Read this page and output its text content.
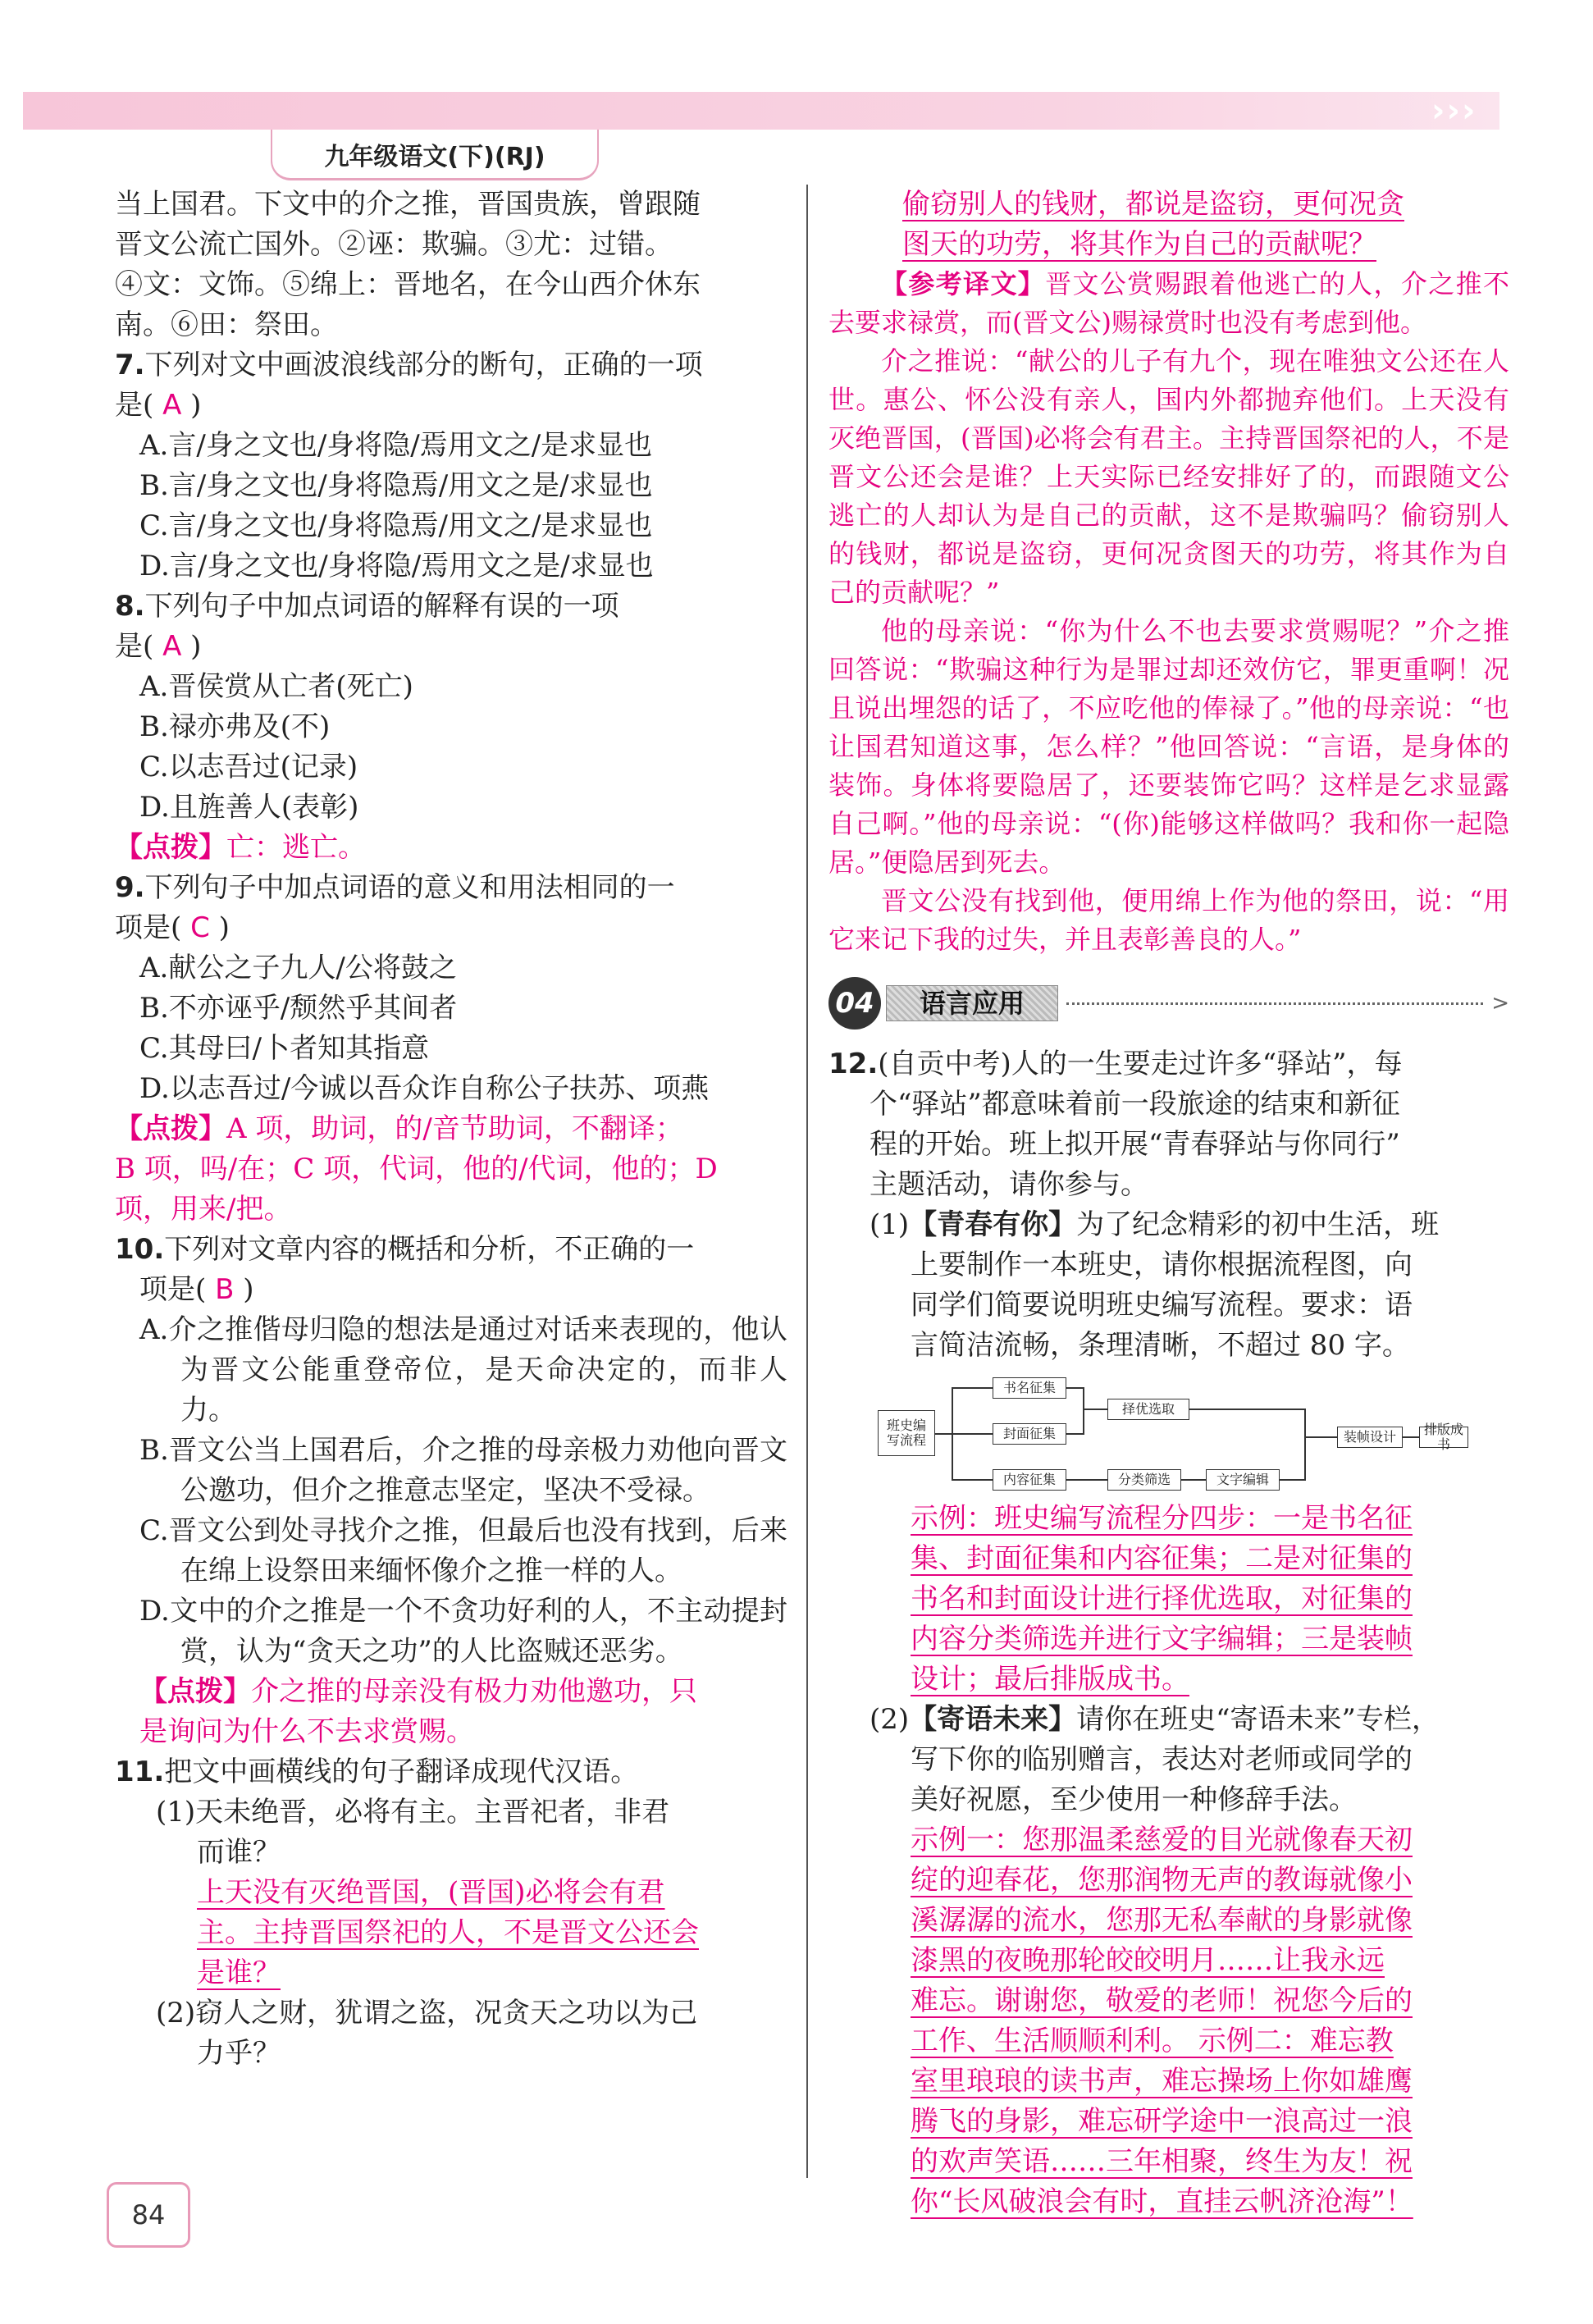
› › ›
九年级语文(下)(RJ)
当上国君。下文中的介之推，晋国贵族，曾跟随
晋文公流亡国外。②诬：欺骗。③尤：过错。
④文：文饰。⑤绵上：晋地名，在今山西介休东
南。⑥田：祭田。
7.下列对文中画波浪线部分的断句，正确的一项
是( A )
A.言/身之文也/身将隐/焉用文之/是求显也
B.言/身之文也/身将隐焉/用文之是/求显也
C.言/身之文也/身将隐焉/用文之/是求显也
D.言/身之文也/身将隐/焉用文之是/求显也
8.下列句子中加点词语的解释有误的一项
是( A )
A.晋侯赏从亡者(死亡)
B.禄亦弗及(不)
C.以志吾过(记录)
D.且旌善人(表彰)
【点拨】亡：逃亡。
9.下列句子中加点词语的意义和用法相同的一
项是( C )
A.献公之子九人/公将鼓之
B.不亦诬乎/颓然乎其间者
C.其母曰/卜者知其指意
D.以志吾过/今诚以吾众诈自称公子扶苏、项燕
【点拨】A 项，助词，的/音节助词，不翻译；
B 项，吗/在；C 项，代词，他的/代词，他的；D
项，用来/把。
10.下列对文章内容的概括和分析，不正确的一
项是( B )
A.介之推偕母归隐的想法是通过对话来表现的，他认为晋文公能重登帝位，是天命决定的，而非人力。
B.晋文公当上国君后，介之推的母亲极力劝他向晋文公邀功，但介之推意志坚定，坚决不受禄。
C.晋文公到处寻找介之推，但最后也没有找到，后来在绵上设祭田来缅怀像介之推一样的人。
D.文中的介之推是一个不贪功好利的人，不主动提封赏，认为“贪天之功”的人比盗贼还恶劣。
【点拨】介之推的母亲没有极力劝他邀功，只
是询问为什么不去求赏赐。
11.把文中画横线的句子翻译成现代汉语。
(1)天未绝晋，必将有主。主晋祀者，非君
而谁？
上天没有灭绝晋国，(晋国)必将会有君
主。主持晋国祭祀的人，不是晋文公还会
是谁？
(2)窃人之财，犹谓之盗，况贪天之功以为己
力乎？
偷窃别人的钱财，都说是盗窃，更何况贪
图天的功劳，将其作为自己的贡献呢？
【参考译文】晋文公赏赐跟着他逃亡的人，介之推不去要求禄赏，而(晋文公)赐禄赏时也没有考虑到他。
介之推说：“献公的儿子有九个，现在唯独文公还在人世。惠公、怀公没有亲人，国内外都抛弃他们。上天没有灭绝晋国，(晋国)必将会有君主。主持晋国祭祀的人，不是晋文公还会是谁？上天实际已经安排好了的，而跟随文公逃亡的人却认为是自己的贡献，这不是欺骗吗？偷窃别人的钱财，都说是盗窃，更何况贪图天的功劳，将其作为自己的贡献呢？”
他的母亲说：“你为什么不也去要求赏赐呢？”介之推回答说：“欺骗这种行为是罪过却还效仿它，罪更重啊！况且说出埋怨的话了，不应吃他的俸禄了。”他的母亲说：“也让国君知道这事，怎么样？”他回答说：“言语，是身体的装饰。身体将要隐居了，还要装饰它吗？这样是乞求显露自己啊。”他的母亲说：“(你)能够这样做吗？我和你一起隐居。”便隐居到死去。
晋文公没有找到他，便用绵上作为他的祭田，说：“用它来记下我的过失，并且表彰善良的人。”
04	语言应用	>
12.(自贡中考)人的一生要走过许多“驿站”，每
个“驿站”都意味着前一段旅途的结束和新征
程的开始。班上拟开展“青春驿站与你同行”
主题活动，请你参与。
(1)【青春有你】为了纪念精彩的初中生活，班
上要制作一本班史，请你根据流程图，向
同学们简要说明班史编写流程。要求：语
言简洁流畅，条理清晰，不超过 80 字。
班史编写流程
书名征集
封面征集
内容征集
择优选取
分类筛选	文字编辑
装帧设计	排版成书
示例：班史编写流程分四步：一是书名征
集、封面征集和内容征集；二是对征集的
书名和封面设计进行择优选取，对征集的
内容分类筛选并进行文字编辑；三是装帧
设计；最后排版成书。
(2)【寄语未来】请你在班史“寄语未来”专栏，
写下你的临别赠言，表达对老师或同学的
美好祝愿，至少使用一种修辞手法。
示例一：您那温柔慈爱的目光就像春天初
绽的迎春花，您那润物无声的教诲就像小
溪潺潺的流水，您那无私奉献的身影就像
漆黑的夜晚那轮皎皎明月……让我永远
难忘。谢谢您，敬爱的老师！祝您今后的
工作、生活顺顺利利。 示例二：难忘教
室里琅琅的读书声，难忘操场上你如雄鹰
腾飞的身影，难忘研学途中一浪高过一浪
的欢声笑语……三年相聚，终生为友！祝
你“长风破浪会有时，直挂云帆济沧海”！
84
